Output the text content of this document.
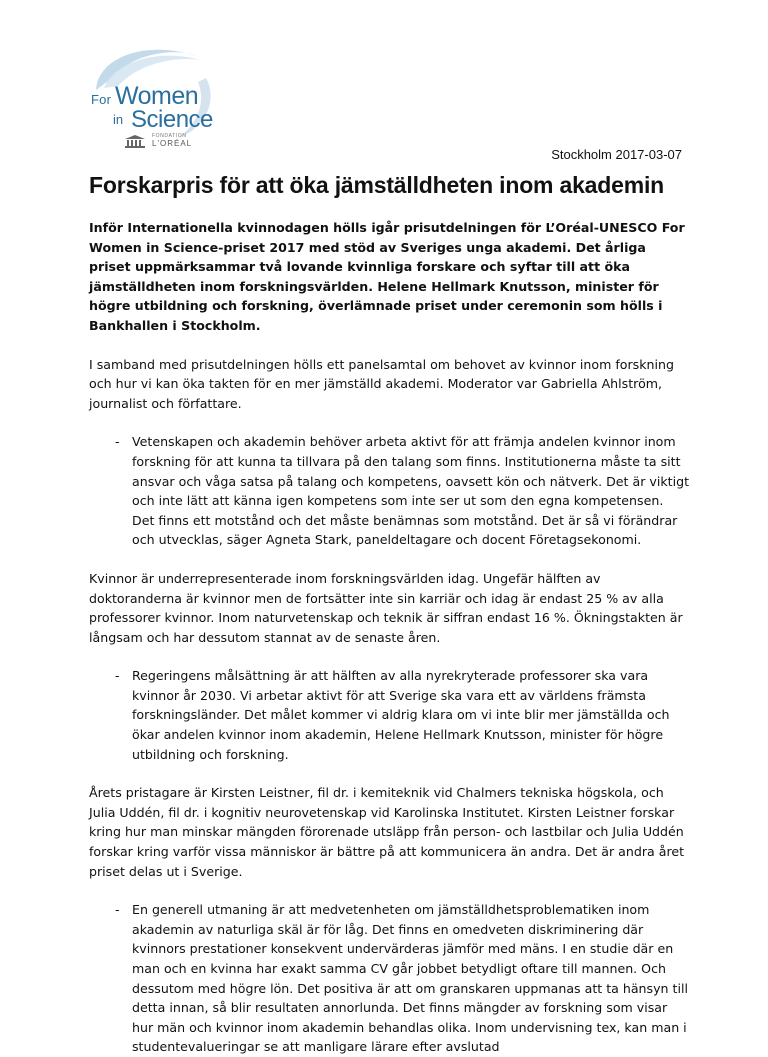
For Women
in Science
FONDATION
L'ORÉAL
Stockholm 2017-03-07
Forskarpris för att öka jämställdheten inom akademin

Inför Internationella kvinnodagen hölls igår prisutdelningen för L’Oréal-UNESCO For Women in Science-priset 2017 med stöd av Sveriges unga akademi. Det årliga priset uppmärksammar två lovande kvinnliga forskare och syftar till att öka jämställdheten inom forskningsvärlden. Helene Hellmark Knutsson, minister för högre utbildning och forskning, överlämnade priset under ceremonin som hölls i Bankhallen i Stockholm.

I samband med prisutdelningen hölls ett panelsamtal om behovet av kvinnor inom forskning och hur vi kan öka takten för en mer jämställd akademi. Moderator var Gabriella Ahlström, journalist och författare.

- Vetenskapen och akademin behöver arbeta aktivt för att främja andelen kvinnor inom forskning för att kunna ta tillvara på den talang som finns. Institutionerna måste ta sitt ansvar och våga satsa på talang och kompetens, oavsett kön och nätverk. Det är viktigt och inte lätt att känna igen kompetens som inte ser ut som den egna kompetensen. Det finns ett motstånd och det måste benämnas som motstånd. Det är så vi förändrar och utvecklas, säger Agneta Stark, paneldeltagare och docent Företagsekonomi.

Kvinnor är underrepresenterade inom forskningsvärlden idag. Ungefär hälften av doktoranderna är kvinnor men de fortsätter inte sin karriär och idag är endast 25 % av alla professorer kvinnor. Inom naturvetenskap och teknik är siffran endast 16 %. Ökningstakten är långsam och har dessutom stannat av de senaste åren.

- Regeringens målsättning är att hälften av alla nyrekryterade professorer ska vara kvinnor år 2030. Vi arbetar aktivt för att Sverige ska vara ett av världens främsta forskningsländer. Det målet kommer vi aldrig klara om vi inte blir mer jämställda och ökar andelen kvinnor inom akademin, Helene Hellmark Knutsson, minister för högre utbildning och forskning.

Årets pristagare är Kirsten Leistner, fil dr. i kemiteknik vid Chalmers tekniska högskola, och Julia Uddén, fil dr. i kognitiv neurovetenskap vid Karolinska Institutet. Kirsten Leistner forskar kring hur man minskar mängden förorenade utsläpp från person- och lastbilar och Julia Uddén forskar kring varför vissa människor är bättre på att kommunicera än andra. Det är andra året priset delas ut i Sverige.

- En generell utmaning är att medvetenheten om jämställdhetsproblematiken inom akademin av naturliga skäl är för låg. Det finns en omedveten diskriminering där kvinnors prestationer konsekvent undervärderas jämför med mäns. I en studie där en man och en kvinna har exakt samma CV går jobbet betydligt oftare till mannen. Och dessutom med högre lön. Det positiva är att om granskaren uppmanas att ta hänsyn till detta innan, så blir resultaten annorlunda. Det finns mängder av forskning som visar hur män och kvinnor inom akademin behandlas olika. Inom undervisning tex, kan man i studentevalueringar se att manligare lärare efter avslutad
